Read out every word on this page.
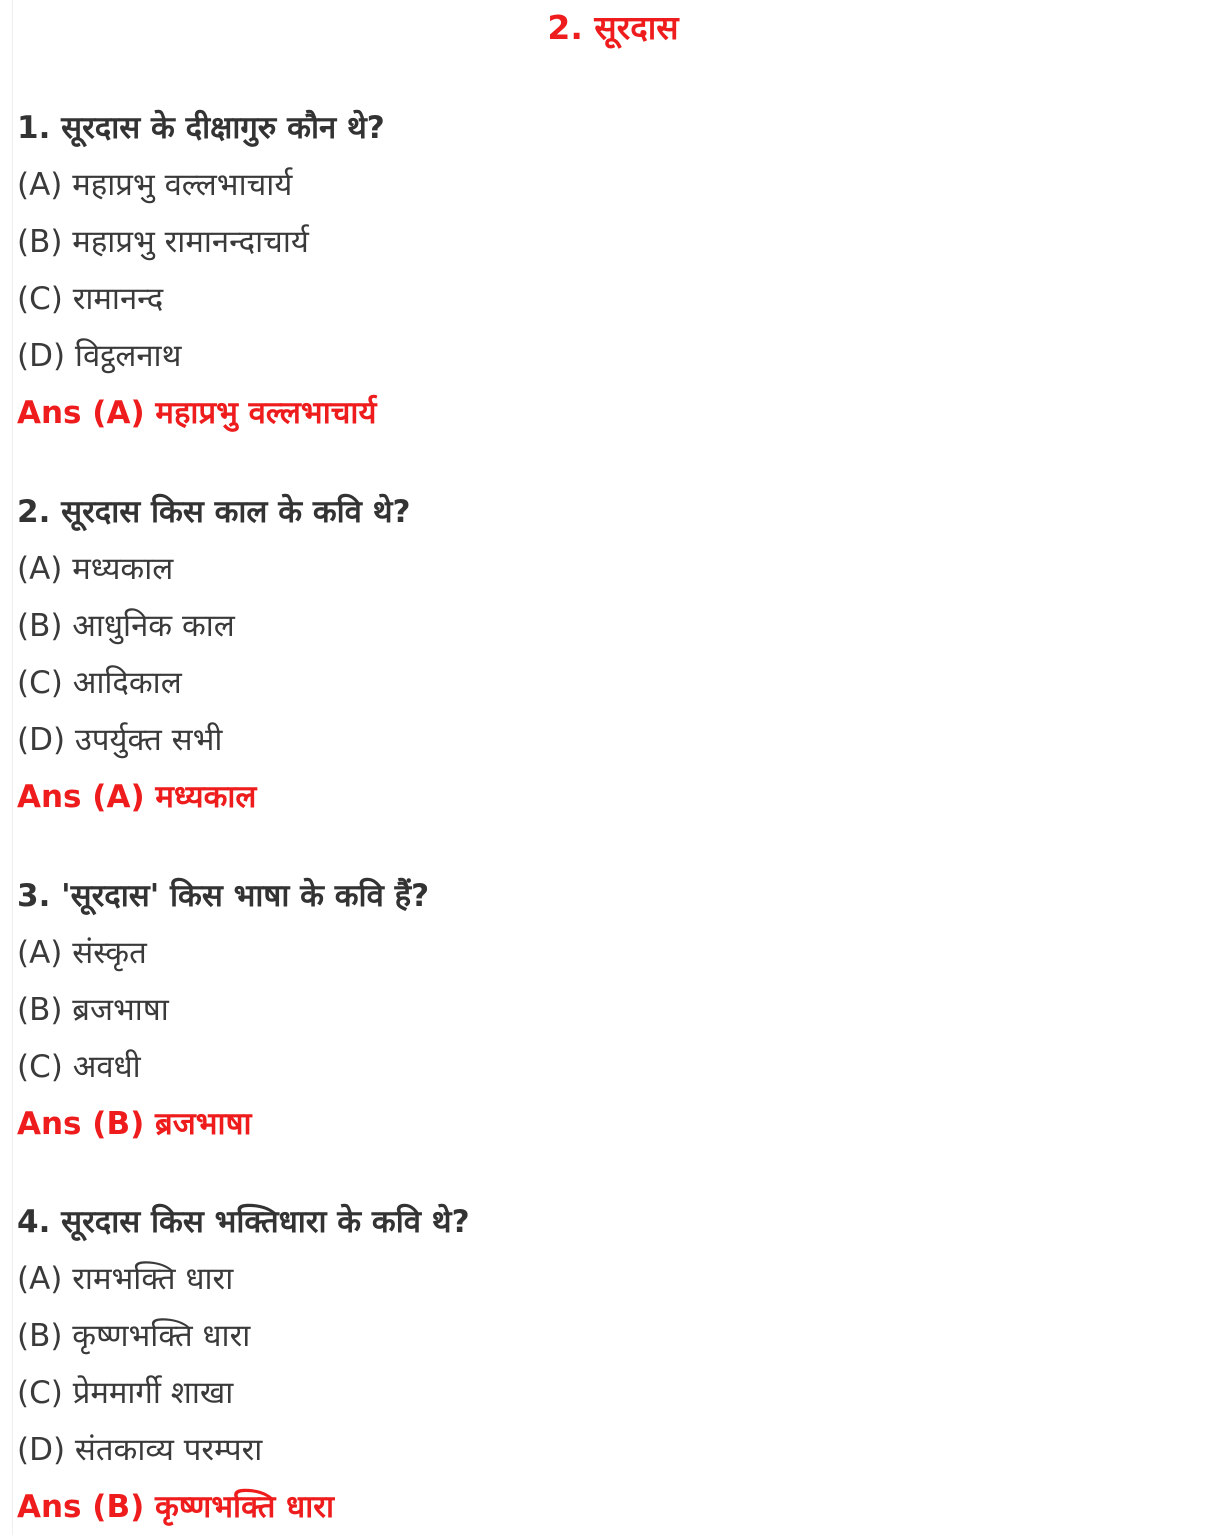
2. सूरदास
1. सूरदास के दीक्षागुरु कौन थे?
(A) महाप्रभु वल्लभाचार्य
(B) महाप्रभु रामानन्दाचार्य
(C) रामानन्द
(D) विट्ठलनाथ
Ans (A) महाप्रभु वल्लभाचार्य
2. सूरदास किस काल के कवि थे?
(A) मध्यकाल
(B) आधुनिक काल
(C) आदिकाल
(D) उपर्युक्त सभी
Ans (A) मध्यकाल
3. 'सूरदास' किस भाषा के कवि हैं?
(A) संस्कृत
(B) ब्रजभाषा
(C) अवधी
Ans (B) ब्रजभाषा
4. सूरदास किस भक्तिधारा के कवि थे?
(A) रामभक्ति धारा
(B) कृष्णभक्ति धारा
(C) प्रेममार्गी शाखा
(D) संतकाव्य परम्परा
Ans (B) कृष्णभक्ति धारा
